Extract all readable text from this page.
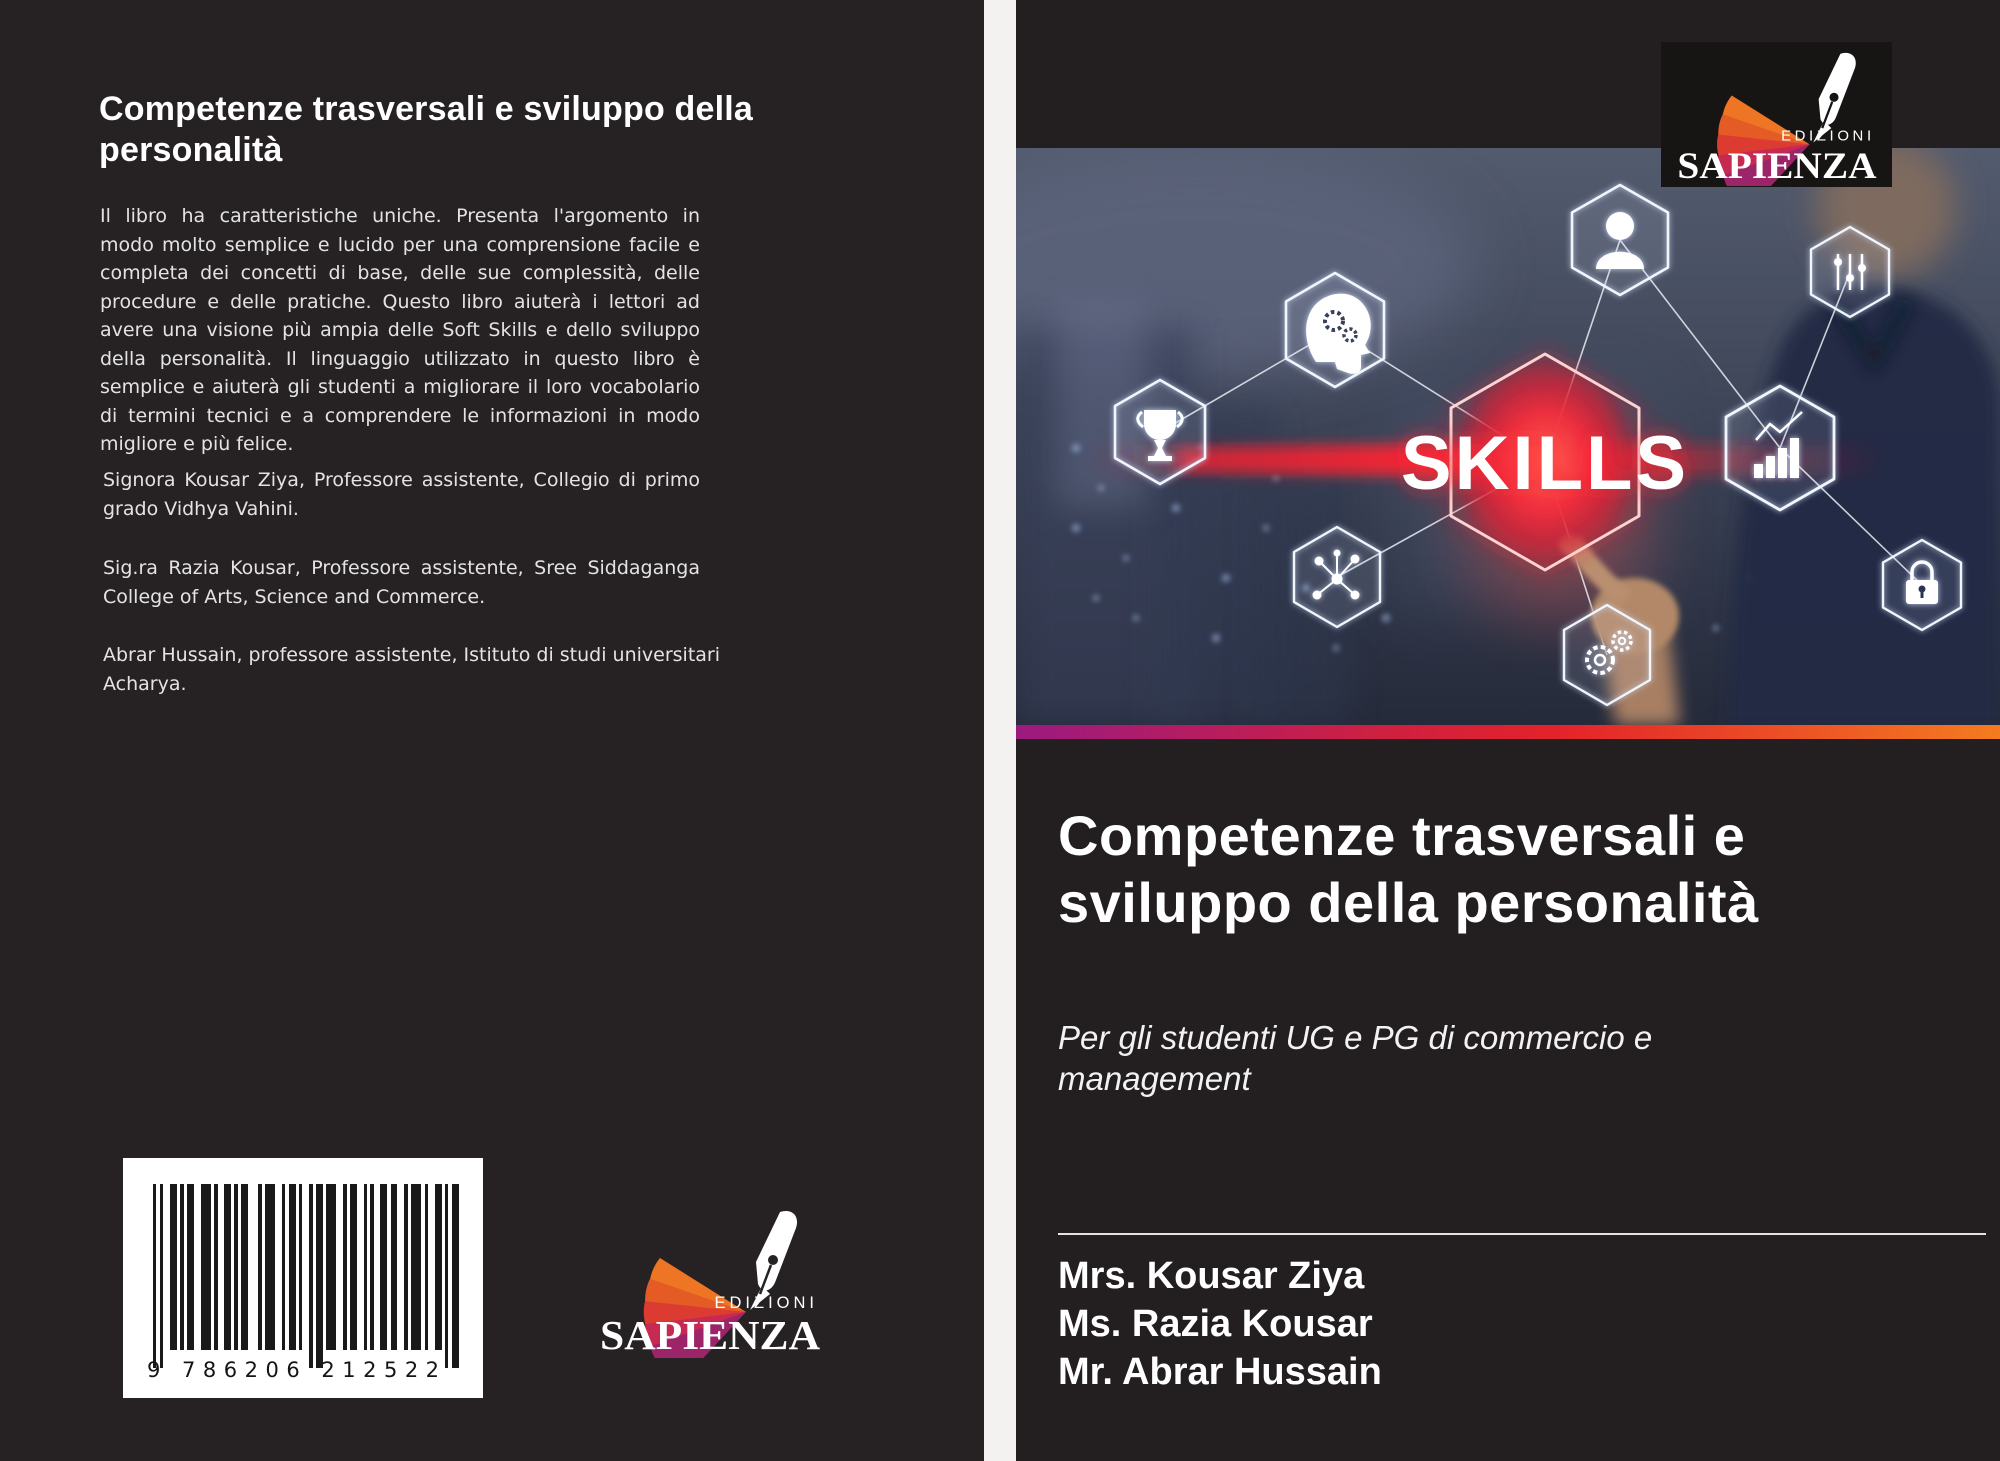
Competenze trasversali e sviluppo della personalità

Il libro ha caratteristiche uniche. Presenta l'argomento in modo molto semplice e lucido per una comprensione facile e completa dei concetti di base, delle sue complessità, delle procedure e delle pratiche. Questo libro aiuterà i lettori ad avere una visione più ampia delle Soft Skills e dello sviluppo della personalità. Il linguaggio utilizzato in questo libro è semplice e aiuterà gli studenti a migliorare il loro vocabolario di termini tecnici e a comprendere le informazioni in modo migliore e più felice.

Signora Kousar Ziya, Professore assistente, Collegio di primo grado Vidhya Vahini.

Sig.ra Razia Kousar, Professore assistente, Sree Siddaganga College of Arts, Science and Commerce.

Abrar Hussain, professore assistente, Istituto di studi universitari Acharya.

9 786206 212522
EDIZIONI
SAPIENZA
SKILLS
EDIZIONI
SAPIENZA
Competenze trasversali e sviluppo della personalità

Per gli studenti UG e PG di commercio e management

Mrs. Kousar Ziya
Ms. Razia Kousar
Mr. Abrar Hussain
